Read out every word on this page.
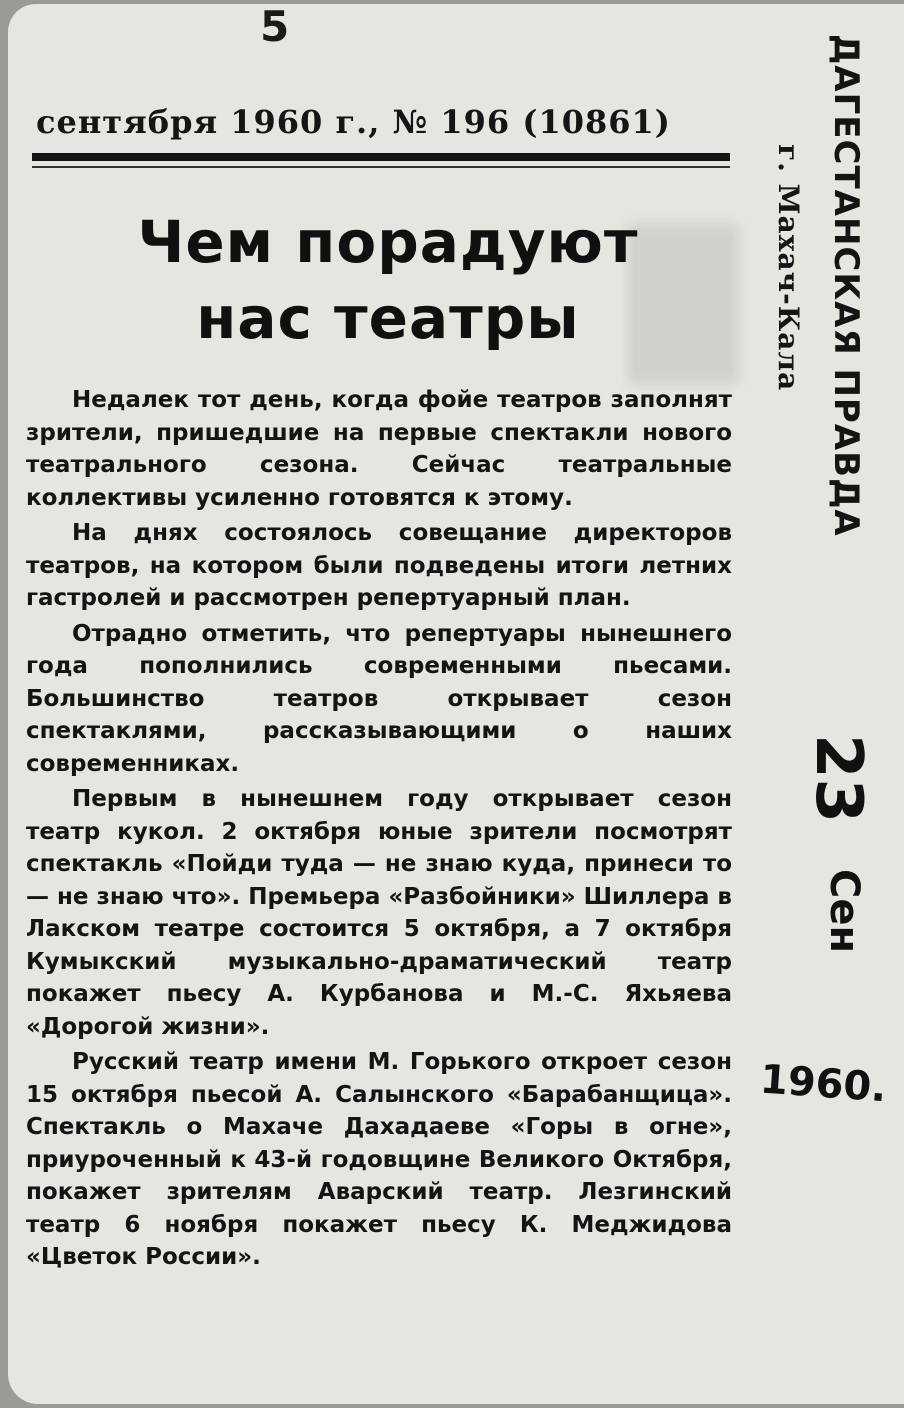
5
сентября 1960 г., № 196 (10861)
Чем порадуют
нас театры

Недалек тот день, когда фойе театров заполнят зрители, пришедшие на первые спектакли нового театрального сезона. Сейчас театральные коллективы усиленно готовятся к этому.

На днях состоялось совещание директоров театров, на котором были подведены итоги летних гастролей и рассмотрен репертуарный план.

Отрадно отметить, что репертуары нынешнего года пополнились современными пьесами. Большинство театров открывает сезон спектаклями, рассказывающими о наших современниках.

Первым в нынешнем году открывает сезон театр кукол. 2 октября юные зрители посмотрят спектакль «Пойди туда — не знаю куда, принеси то — не знаю что». Премьера «Разбойники» Шиллера в Лакском театре состоится 5 октября, а 7 октября Кумыкский музыкально-драматический театр покажет пьесу А. Курбанова и М.-С. Яхьяева «Дорогой жизни».

Русский театр имени М. Горького откроет сезон 15 октября пьесой А. Салынского «Барабанщица». Спектакль о Махаче Дахадаеве «Горы в огне», приуроченный к 43-й годовщине Великого Октября, покажет зрителям Аварский театр. Лезгинский театр 6 ноября покажет пьесу К. Меджидова «Цветок России».

ДАГЕСТАНСКАЯ ПРАВДА
г. Махач-Кала
23
Сен
1960.
